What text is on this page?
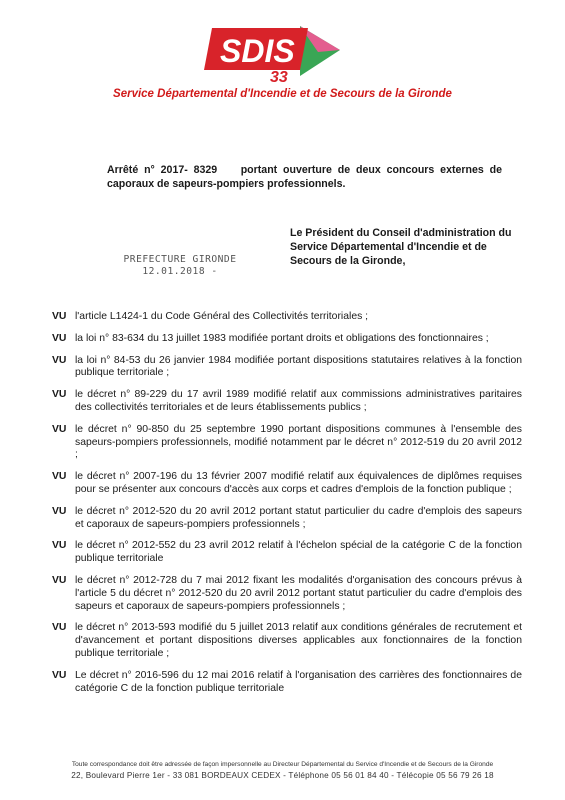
SDIS
33
Service Départemental d'Incendie et de Secours de la Gironde
Arrêté n° 2017- 8329 portant ouverture de deux concours externes de caporaux de sapeurs-pompiers professionnels.
Le Président du Conseil d'administration du Service Départemental d'Incendie et de Secours de la Gironde,
PREFECTURE GIRONDE
12.01.2018 -
VU l'article L1424-1 du Code Général des Collectivités territoriales ;
VU la loi n° 83-634 du 13 juillet 1983 modifiée portant droits et obligations des fonctionnaires ;
VU la loi n° 84-53 du 26 janvier 1984 modifiée portant dispositions statutaires relatives à la fonction publique territoriale ;
VU le décret n° 89-229 du 17 avril 1989 modifié relatif aux commissions administratives paritaires des collectivités territoriales et de leurs établissements publics ;
VU le décret n° 90-850 du 25 septembre 1990 portant dispositions communes à l'ensemble des sapeurs-pompiers professionnels, modifié notamment par le décret n° 2012-519 du 20 avril 2012 ;
VU le décret n° 2007-196 du 13 février 2007 modifié relatif aux équivalences de diplômes requises pour se présenter aux concours d'accès aux corps et cadres d'emplois de la fonction publique ;
VU le décret n° 2012-520 du 20 avril 2012 portant statut particulier du cadre d'emplois des sapeurs et caporaux de sapeurs-pompiers professionnels ;
VU le décret n° 2012-552 du 23 avril 2012 relatif à l'échelon spécial de la catégorie C de la fonction publique territoriale
VU le décret n° 2012-728 du 7 mai 2012 fixant les modalités d'organisation des concours prévus à l'article 5 du décret n° 2012-520 du 20 avril 2012 portant statut particulier du cadre d'emplois des sapeurs et caporaux de sapeurs-pompiers professionnels ;
VU le décret n° 2013-593 modifié du 5 juillet 2013 relatif aux conditions générales de recrutement et d'avancement et portant dispositions diverses applicables aux fonctionnaires de la fonction publique territoriale ;
VU Le décret n° 2016-596 du 12 mai 2016 relatif à l'organisation des carrières des fonctionnaires de catégorie C de la fonction publique territoriale
Toute correspondance doit être adressée de façon impersonnelle au Directeur Départemental du Service d'Incendie et de Secours de la Gironde
22, Boulevard Pierre 1er - 33 081 BORDEAUX CEDEX - Téléphone 05 56 01 84 40 - Télécopie 05 56 79 26 18
